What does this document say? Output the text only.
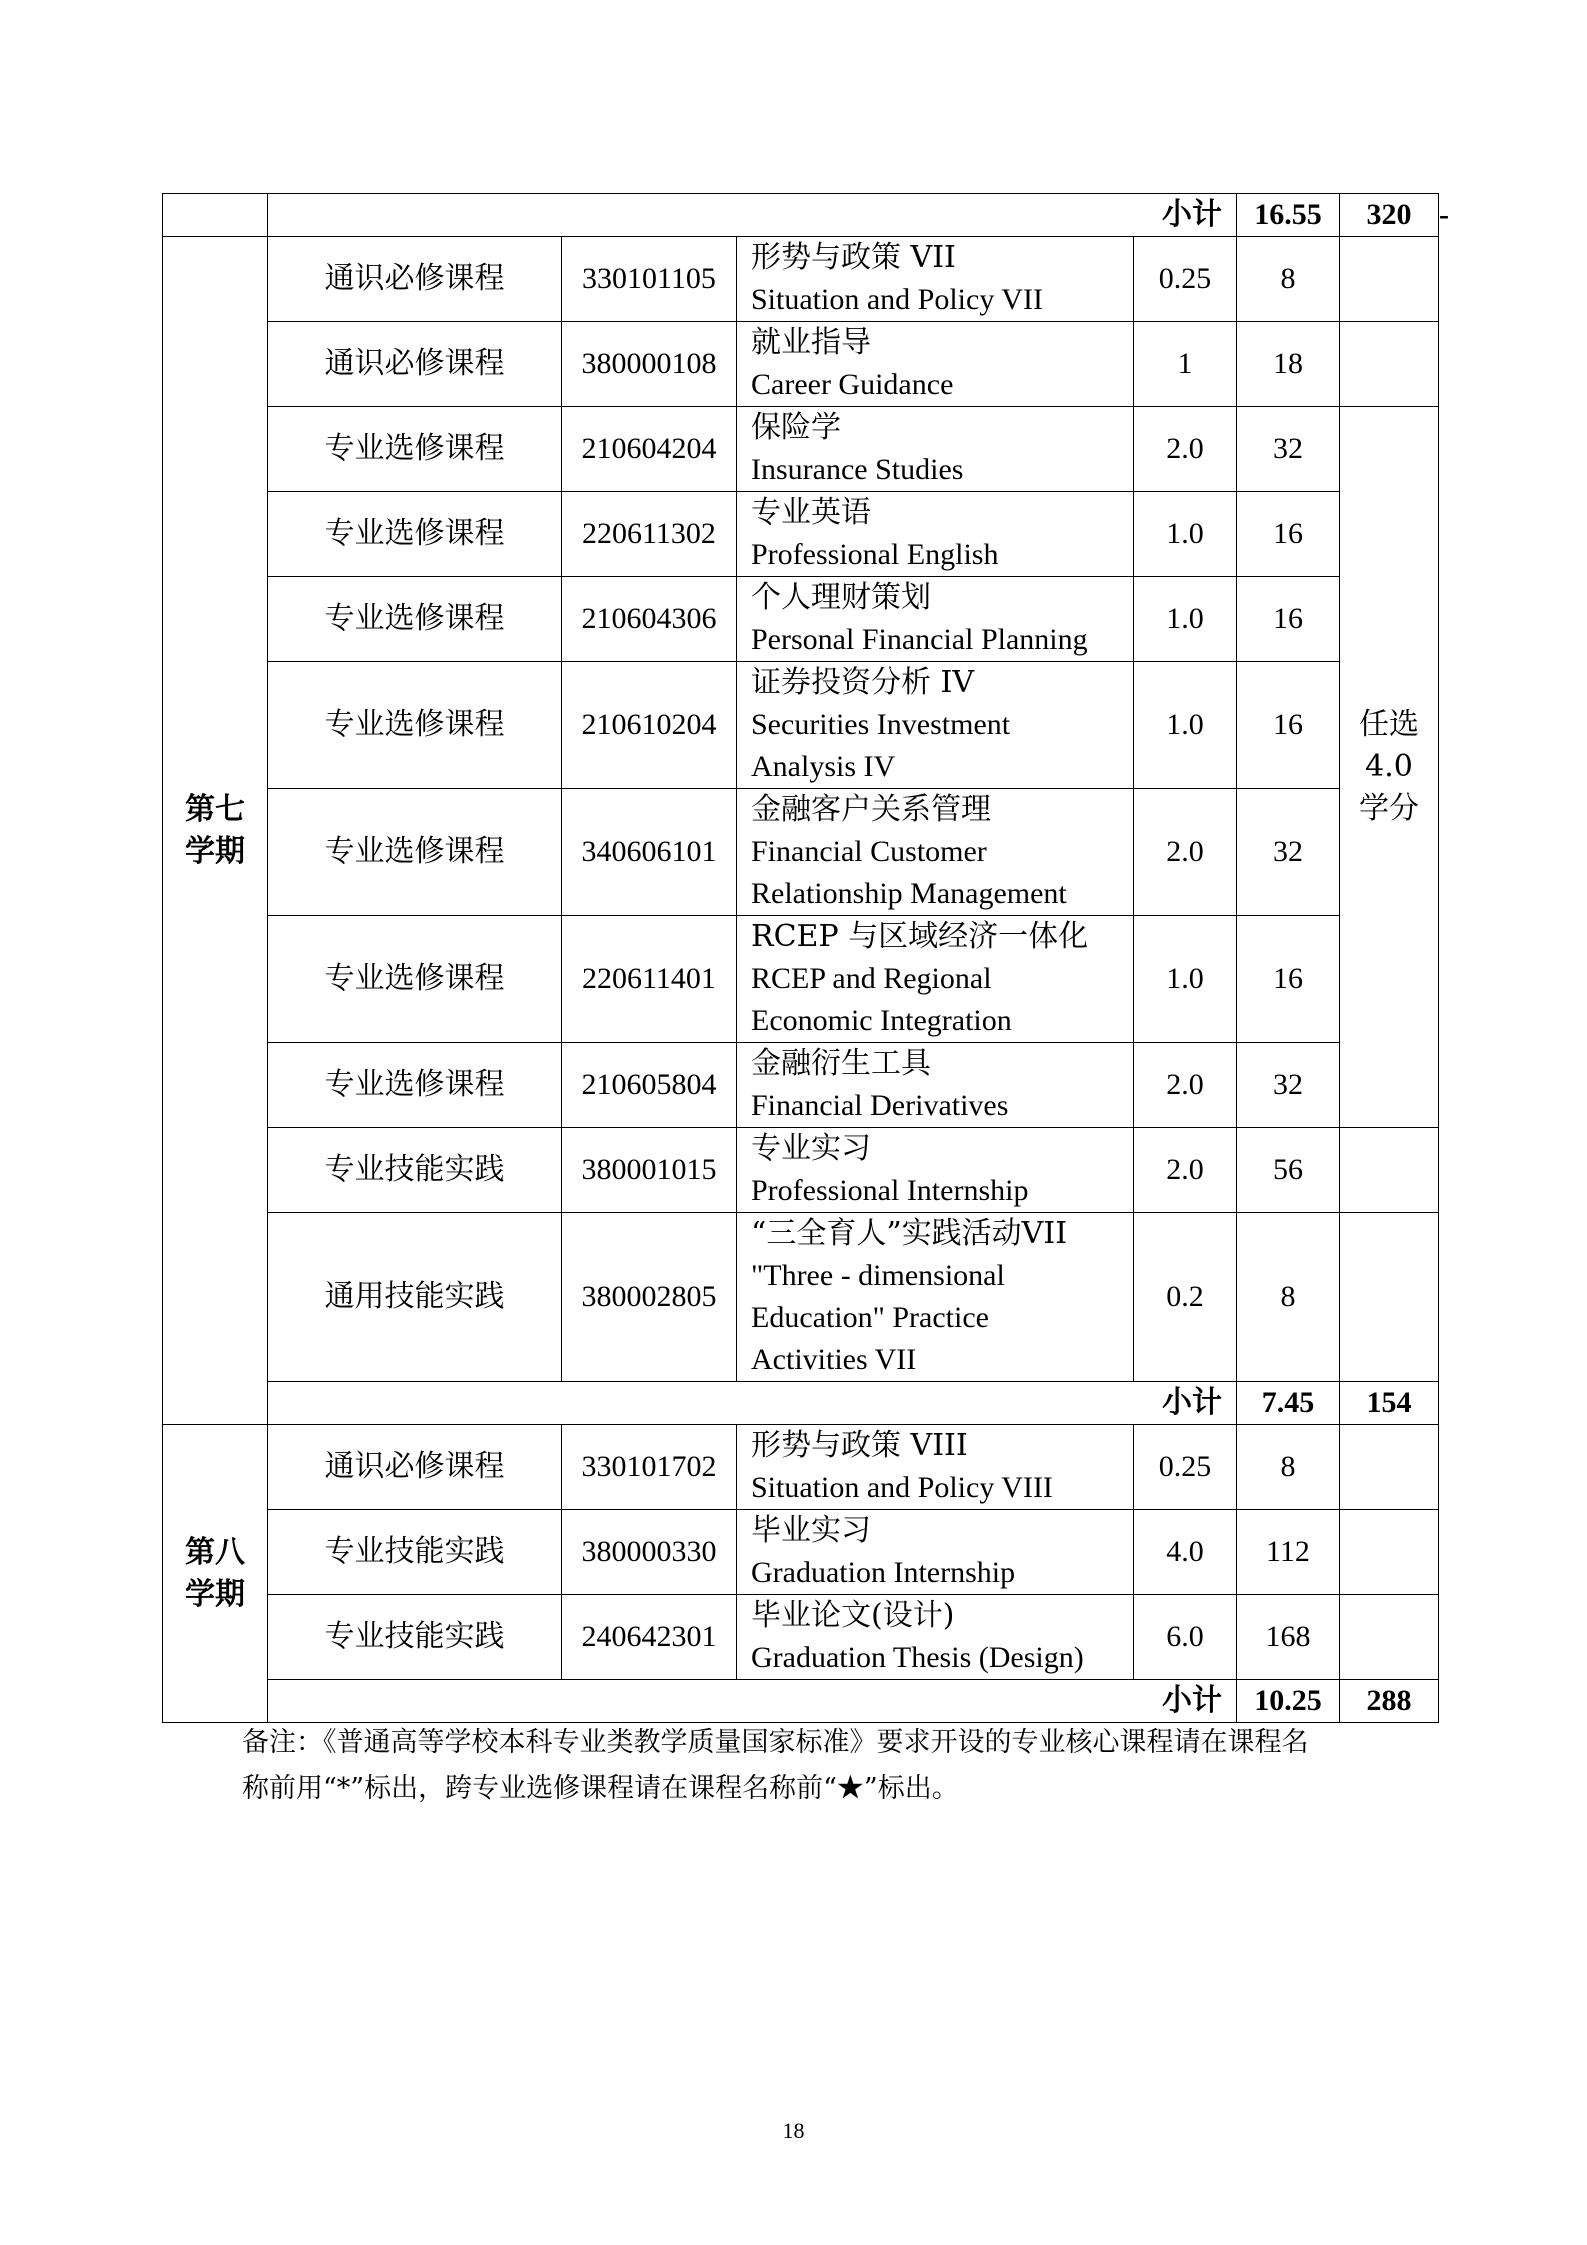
	小计				16.55	320	-

第七
学期	通识必修课程	330101105	形势与政策 VII
Situation and Policy VII	0.25	8		
	通识必修课程	380000108	就业指导
Career Guidance	1	18		
	专业选修课程	210604204	保险学
Insurance Studies	2.0	32	任选
4.0
学分	

	专业选修课程	220611302	专业英语
Professional English	1.0	16		
	专业选修课程	210604306	个人理财策划
Personal Financial Planning	1.0	16		
	专业选修课程	210610204	证券投资分析 IV
Securities Investment
Analysis IV	1.0	16		
	专业选修课程	340606101	金融客户关系管理
Financial Customer
Relationship Management	2.0	32		
	专业选修课程	220611401	RCEP 与区域经济一体化
RCEP and Regional
Economic Integration	1.0	16		
	专业选修课程	210605804	金融衍生工具
Financial Derivatives	2.0	32		
	专业技能实践	380001015	专业实习
Professional Internship	2.0	56		
	通用技能实践	380002805	“三全育人”实践活动VII
"Three - dimensional
Education" Practice
Activities VII	0.2	8		
	小计				7.45	154	

第八
学期	通识必修课程	330101702	形势与政策 VIII
Situation and Policy VIII	0.25	8		
	专业技能实践	380000330	毕业实习
Graduation Internship	4.0	112		
	专业技能实践	240642301	毕业论文(设计)
Graduation Thesis (Design)	6.0	168		
	小计				10.25	288	
备注：《普通高等学校本科专业类教学质量国家标准》要求开设的专业核心课程请在课程名
称前用“*”标出，跨专业选修课程请在课程名称前“★”标出。
18
